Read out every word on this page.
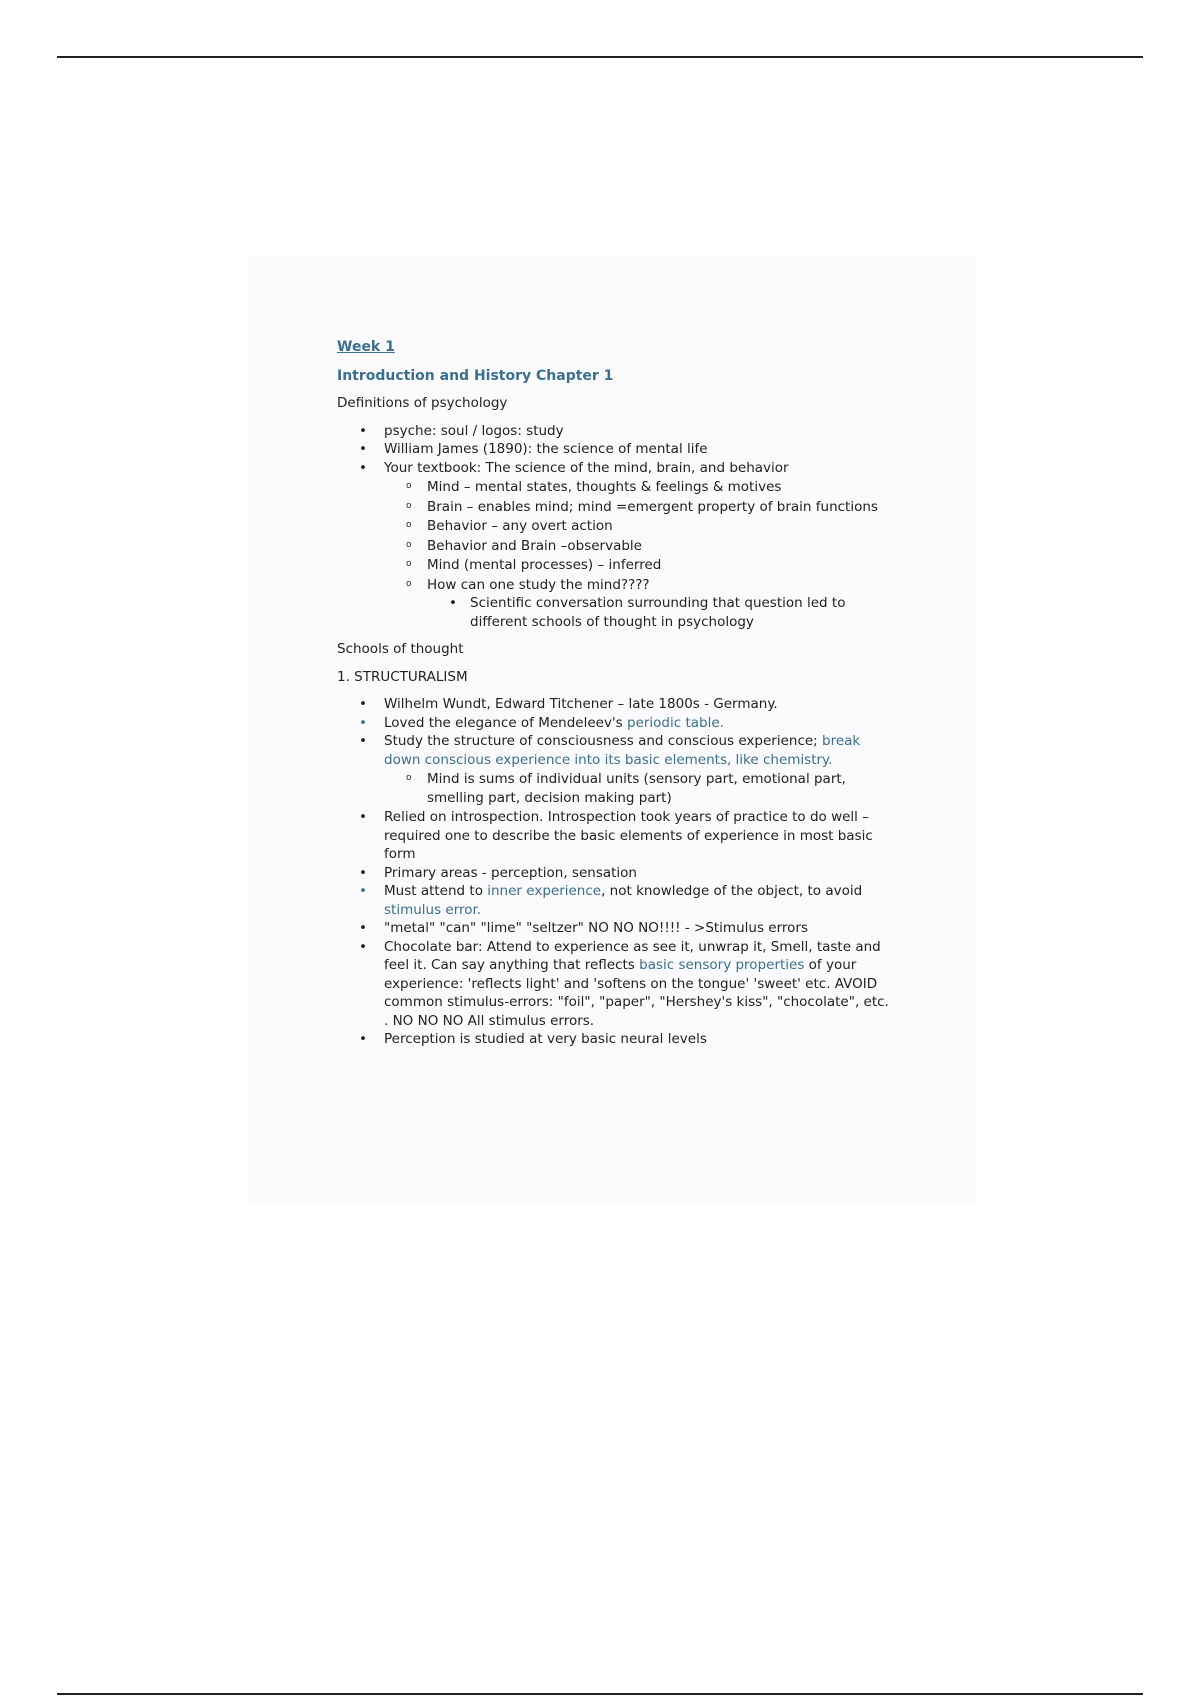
Week 1
Introduction and History Chapter 1
Definitions of psychology
• psyche: soul / logos: study
• William James (1890): the science of mental life
• Your textbook: The science of the mind, brain, and behavior
o Mind – mental states, thoughts & feelings & motives
o Brain – enables mind; mind =emergent property of brain functions
o Behavior – any overt action
o Behavior and Brain –observable
o Mind (mental processes) – inferred
o How can one study the mind????
• Scientific conversation surrounding that question led to different schools of thought in psychology
Schools of thought
1. STRUCTURALISM
• Wilhelm Wundt, Edward Titchener – late 1800s - Germany.
• Loved the elegance of Mendeleev's periodic table.
• Study the structure of consciousness and conscious experience; break down conscious experience into its basic elements, like chemistry.
o Mind is sums of individual units (sensory part, emotional part, smelling part, decision making part)
• Relied on introspection. Introspection took years of practice to do well –required one to describe the basic elements of experience in most basic form
• Primary areas - perception, sensation
• Must attend to inner experience, not knowledge of the object, to avoid stimulus error.
• "metal" "can" "lime" "seltzer" NO NO NO!!!! - >Stimulus errors
• Chocolate bar: Attend to experience as see it, unwrap it, Smell, taste and feel it. Can say anything that reflects basic sensory properties of your experience: 'reflects light' and 'softens on the tongue' 'sweet' etc. AVOID common stimulus-errors: "foil", "paper", "Hershey's kiss", "chocolate", etc. . NO NO NO All stimulus errors.
• Perception is studied at very basic neural levels
